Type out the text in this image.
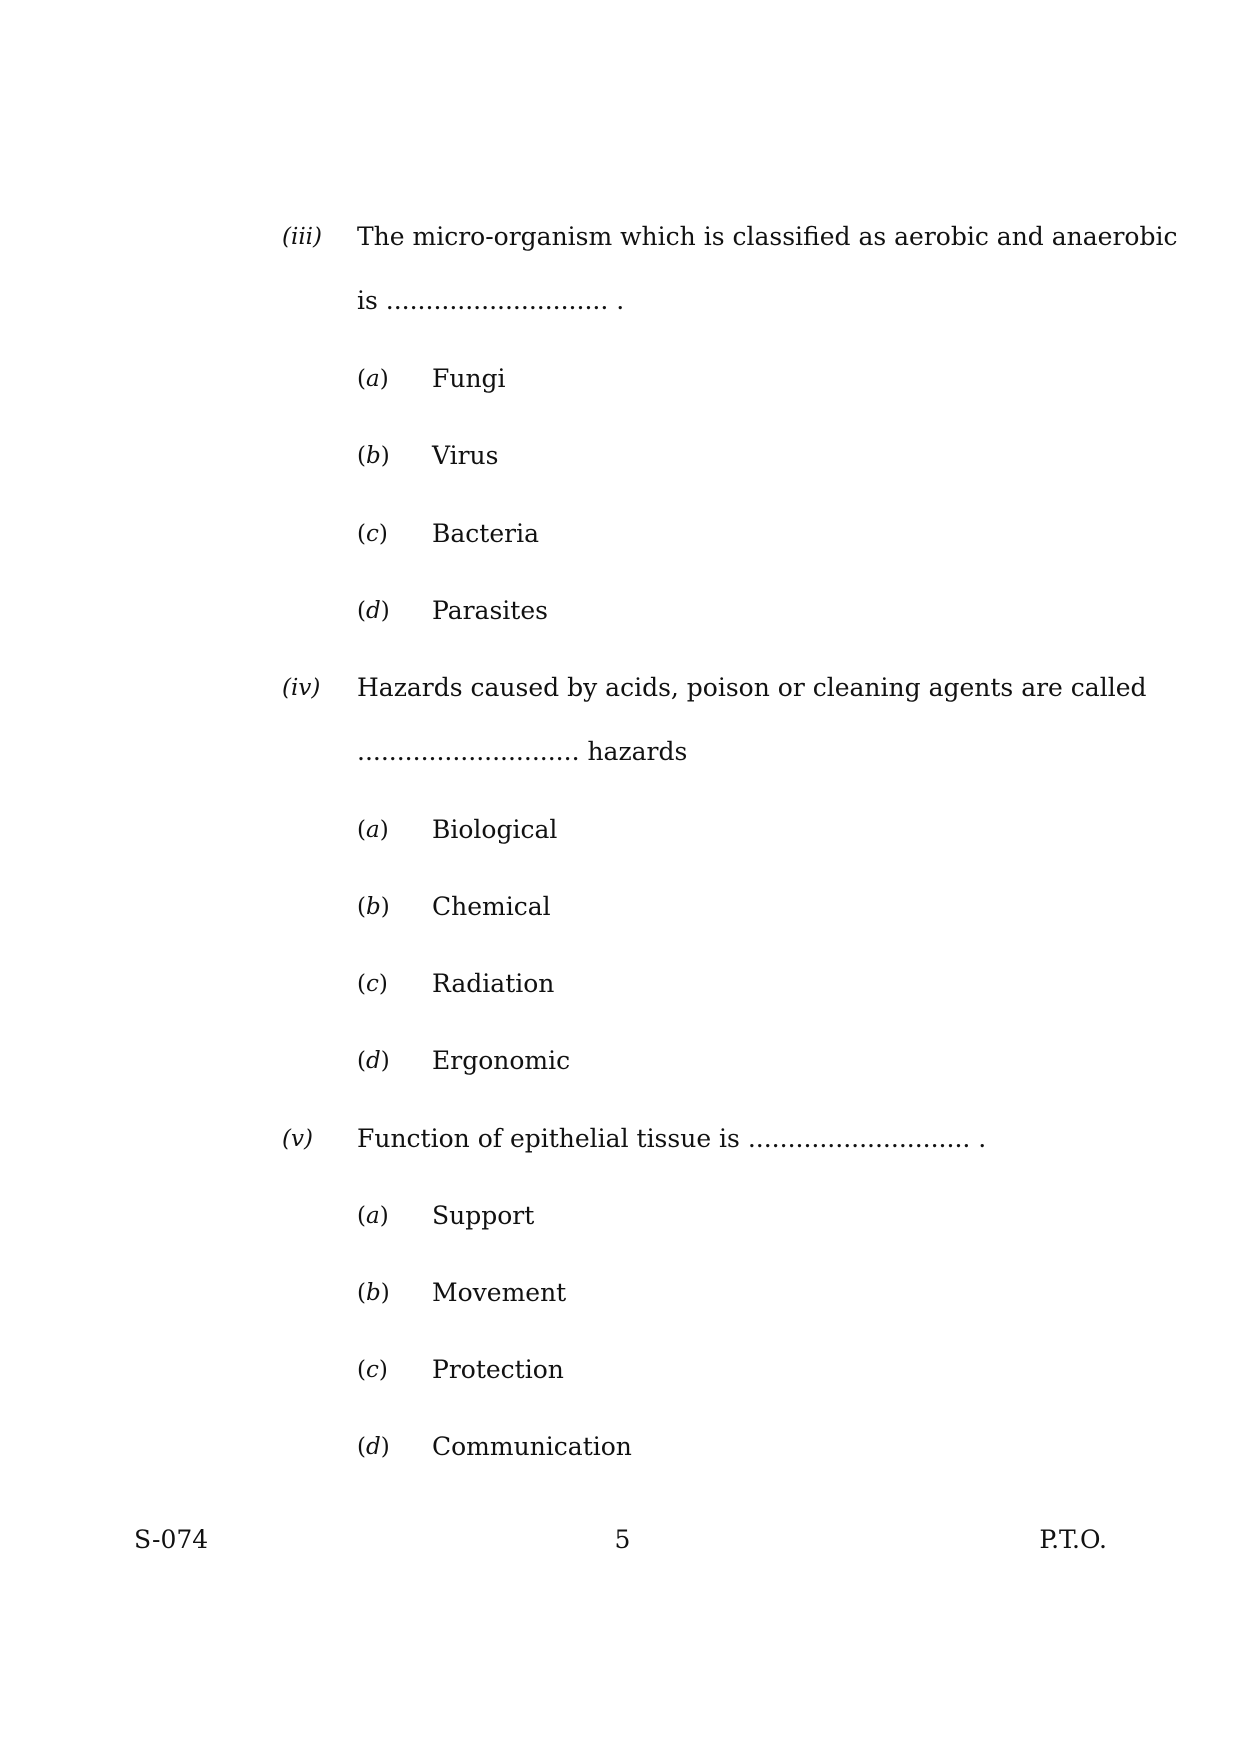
(iii) The micro-organism which is classified as aerobic and anaerobic
is ............................ .
(a) Fungi
(b) Virus
(c) Bacteria
(d) Parasites
(iv) Hazards caused by acids, poison or cleaning agents are called
............................ hazards
(a) Biological
(b) Chemical
(c) Radiation
(d) Ergonomic
(v) Function of epithelial tissue is ............................ .
(a) Support
(b) Movement
(c) Protection
(d) Communication
S-074	5	P.T.O.
